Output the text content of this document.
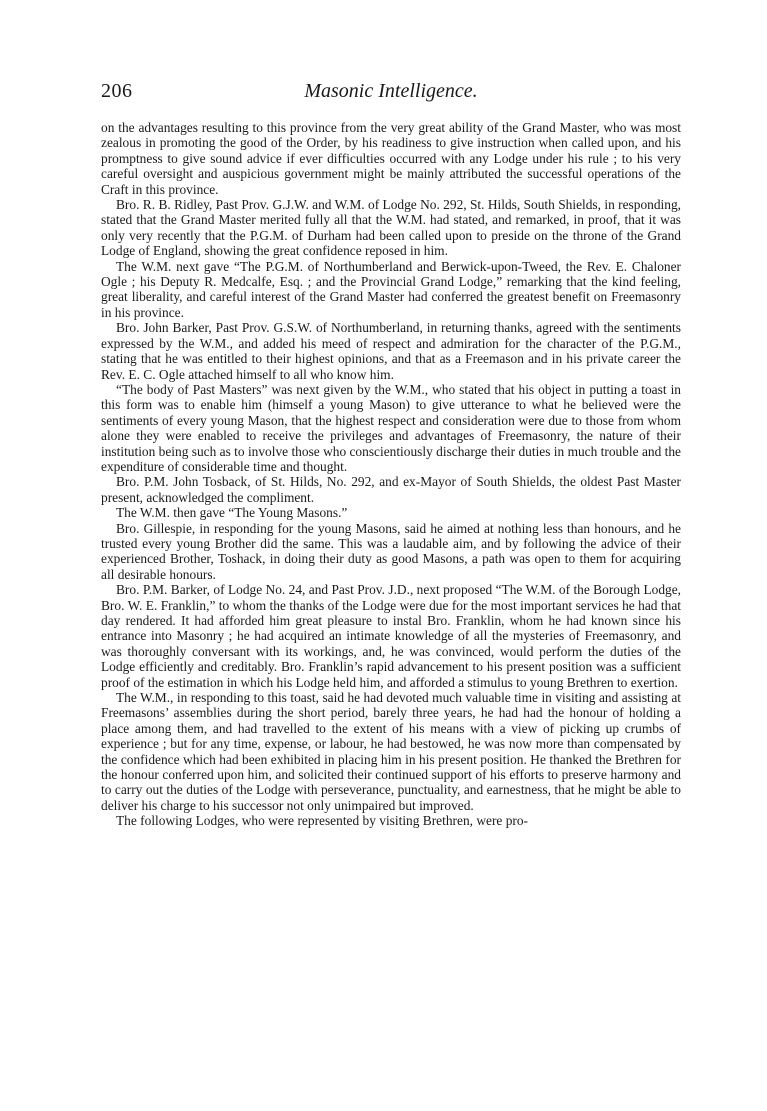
206	Masonic Intelligence.

on the advantages resulting to this province from the very great ability of the Grand Master, who was most zealous in promoting the good of the Order, by his readiness to give instruction when called upon, and his promptness to give sound advice if ever difficulties occurred with any Lodge under his rule ; to his very careful oversight and auspicious government might be mainly attributed the successful operations of the Craft in this province.

Bro. R. B. Ridley, Past Prov. G.J.W. and W.M. of Lodge No. 292, St. Hilds, South Shields, in responding, stated that the Grand Master merited fully all that the W.M. had stated, and remarked, in proof, that it was only very recently that the P.G.M. of Durham had been called upon to preside on the throne of the Grand Lodge of England, showing the great confidence reposed in him.

The W.M. next gave “The P.G.M. of Northumberland and Berwick-upon-Tweed, the Rev. E. Chaloner Ogle ; his Deputy R. Medcalfe, Esq. ; and the Provincial Grand Lodge,” remarking that the kind feeling, great liberality, and careful interest of the Grand Master had conferred the greatest benefit on Freemasonry in his province.

Bro. John Barker, Past Prov. G.S.W. of Northumberland, in returning thanks, agreed with the sentiments expressed by the W.M., and added his meed of respect and admiration for the character of the P.G.M., stating that he was entitled to their highest opinions, and that as a Freemason and in his private career the Rev. E. C. Ogle attached himself to all who know him.

“The body of Past Masters” was next given by the W.M., who stated that his object in putting a toast in this form was to enable him (himself a young Mason) to give utterance to what he believed were the sentiments of every young Mason, that the highest respect and consideration were due to those from whom alone they were enabled to receive the privileges and advantages of Freemasonry, the nature of their institution being such as to involve those who conscientiously discharge their duties in much trouble and the expenditure of considerable time and thought.

Bro. P.M. John Tosback, of St. Hilds, No. 292, and ex-Mayor of South Shields, the oldest Past Master present, acknowledged the compliment.

The W.M. then gave “The Young Masons.”

Bro. Gillespie, in responding for the young Masons, said he aimed at nothing less than honours, and he trusted every young Brother did the same. This was a laudable aim, and by following the advice of their experienced Brother, Toshack, in doing their duty as good Masons, a path was open to them for acquiring all desirable honours.

Bro. P.M. Barker, of Lodge No. 24, and Past Prov. J.D., next proposed “The W.M. of the Borough Lodge, Bro. W. E. Franklin,” to whom the thanks of the Lodge were due for the most important services he had that day rendered. It had afforded him great pleasure to instal Bro. Franklin, whom he had known since his entrance into Masonry ; he had acquired an intimate knowledge of all the mysteries of Freemasonry, and was thoroughly conversant with its workings, and, he was convinced, would perform the duties of the Lodge efficiently and creditably. Bro. Franklin’s rapid advancement to his present position was a sufficient proof of the estimation in which his Lodge held him, and afforded a stimulus to young Brethren to exertion.

The W.M., in responding to this toast, said he had devoted much valuable time in visiting and assisting at Freemasons’ assemblies during the short period, barely three years, he had had the honour of holding a place among them, and had travelled to the extent of his means with a view of picking up crumbs of experience ; but for any time, expense, or labour, he had bestowed, he was now more than compensated by the confidence which had been exhibited in placing him in his present position. He thanked the Brethren for the honour conferred upon him, and solicited their continued support of his efforts to preserve harmony and to carry out the duties of the Lodge with perseverance, punctuality, and earnestness, that he might be able to deliver his charge to his successor not only unimpaired but improved.

The following Lodges, who were represented by visiting Brethren, were pro-
